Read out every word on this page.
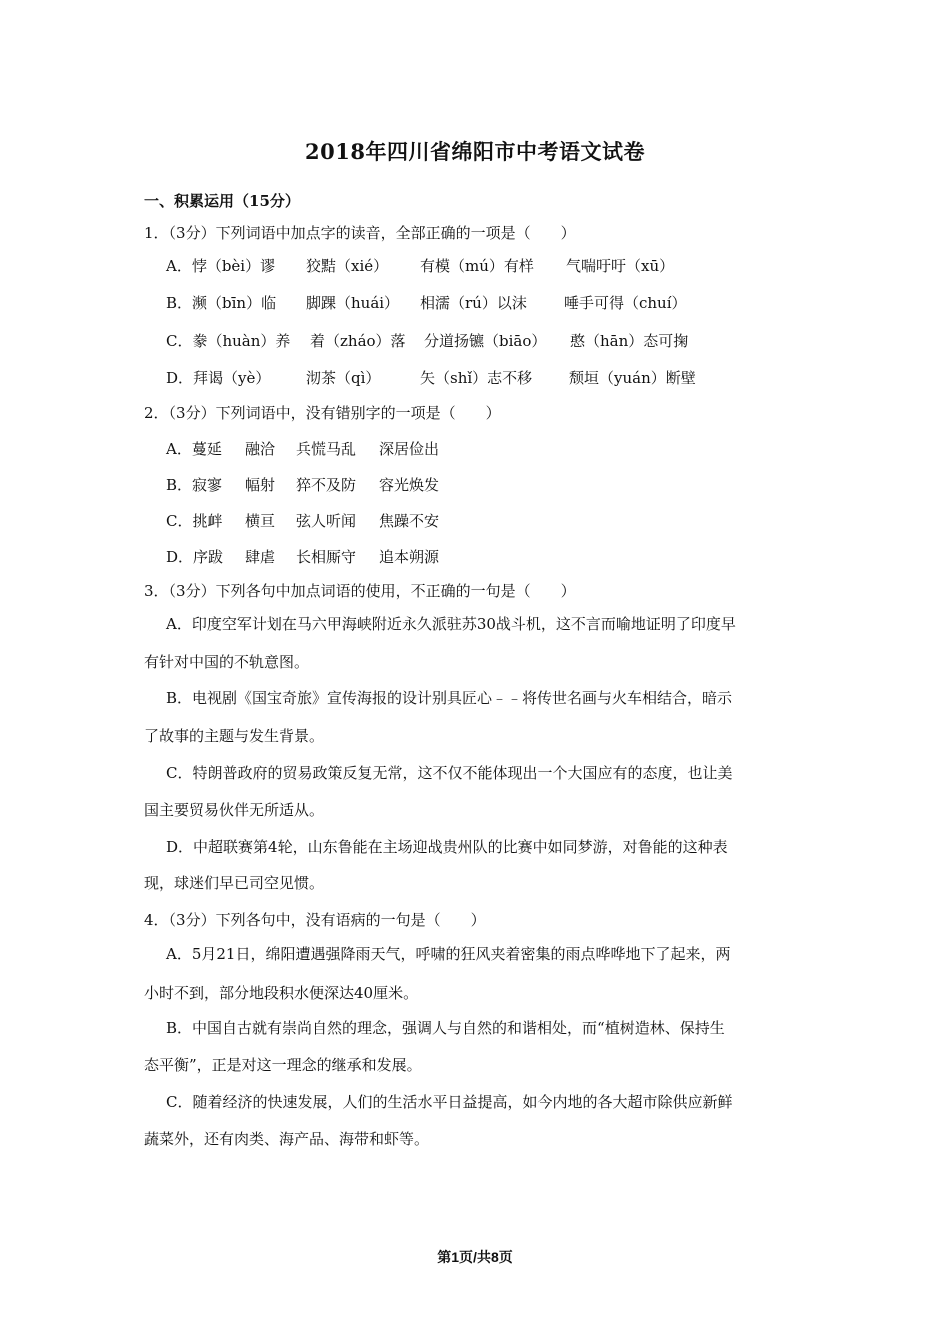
2018年四川省绵阳市中考语文试卷
一、积累运用（15分）
1．（3分）下列词语中加点字的读音，全部正确的一项是（　　）
A．悖（bèi）谬 狡黠（xié） 有模（mú）有样 气喘吁吁（xū）
B．濒（bīn）临 脚踝（huái） 相濡（rú）以沫 唾手可得（chuí）
C．豢（huàn）养 着（zháo）落 分道扬镳（biāo） 憨（hān）态可掬
D．拜谒（yè） 沏茶（qì）	矢（shǐ）志不移 颓垣（yuán）断壁
2．（3分）下列词语中，没有错别字的一项是（　　）
A．蔓延 融洽 兵慌马乱 深居俭出
B．寂寥 幅射 猝不及防 容光焕发
C．挑衅 横亘 弦人听闻 焦躁不安
D．序跋 肆虐 长相厮守 追本朔源
3．（3分）下列各句中加点词语的使用，不正确的一句是（　　）
A．印度空军计划在马六甲海峡附近永久派驻苏30战斗机，这不言而喻地证明了印度早
有针对中国的不轨意图。
B．电视剧《国宝奇旅》宣传海报的设计别具匠心﹣﹣将传世名画与火车相结合，暗示
了故事的主题与发生背景。
C．特朗普政府的贸易政策反复无常，这不仅不能体现出一个大国应有的态度，也让美
国主要贸易伙伴无所适从。
D．中超联赛第4轮，山东鲁能在主场迎战贵州队的比赛中如同梦游，对鲁能的这种表
现，球迷们早已司空见惯。
4．（3分）下列各句中，没有语病的一句是（　　）
A．5月21日，绵阳遭遇强降雨天气，呼啸的狂风夹着密集的雨点哗哗地下了起来，两
小时不到，部分地段积水便深达40厘米。
B．中国自古就有崇尚自然的理念，强调人与自然的和谐相处，而“植树造林、保持生
态平衡”，正是对这一理念的继承和发展。
C．随着经济的快速发展，人们的生活水平日益提高，如今内地的各大超市除供应新鲜
蔬菜外，还有肉类、海产品、海带和虾等。
第1页/共8页
